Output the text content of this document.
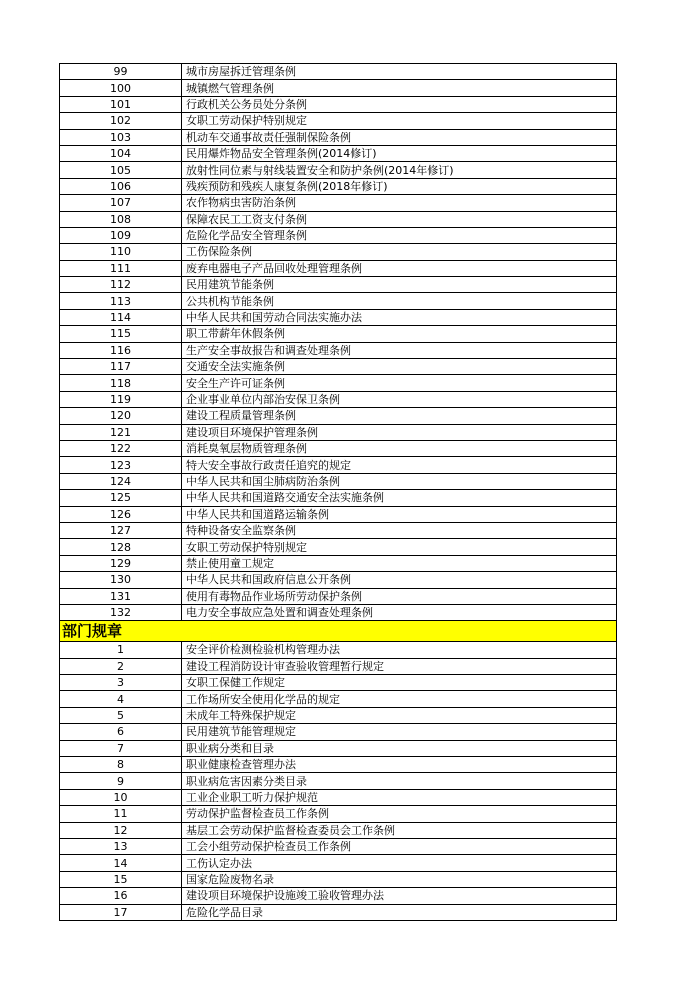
99	城市房屋拆迁管理条例
100	城镇燃气管理条例
101	行政机关公务员处分条例
102	女职工劳动保护特别规定
103	机动车交通事故责任强制保险条例
104	民用爆炸物品安全管理条例(2014修订)
105	放射性同位素与射线装置安全和防护条例(2014年修订)
106	残疾预防和残疾人康复条例(2018年修订)
107	农作物病虫害防治条例
108	保障农民工工资支付条例
109	危险化学品安全管理条例
110	工伤保险条例
111	废弃电器电子产品回收处理管理条例
112	民用建筑节能条例
113	公共机构节能条例
114	中华人民共和国劳动合同法实施办法
115	职工带薪年休假条例
116	生产安全事故报告和调查处理条例
117	交通安全法实施条例
118	安全生产许可证条例
119	企业事业单位内部治安保卫条例
120	建设工程质量管理条例
121	建设项目环境保护管理条例
122	消耗臭氧层物质管理条例
123	特大安全事故行政责任追究的规定
124	中华人民共和国尘肺病防治条例
125	中华人民共和国道路交通安全法实施条例
126	中华人民共和国道路运输条例
127	特种设备安全监察条例
128	女职工劳动保护特别规定
129	禁止使用童工规定
130	中华人民共和国政府信息公开条例
131	使用有毒物品作业场所劳动保护条例
132	电力安全事故应急处置和调查处理条例
部门规章	
1	安全评价检测检验机构管理办法
2	建设工程消防设计审查验收管理暂行规定
3	女职工保健工作规定
4	工作场所安全使用化学品的规定
5	未成年工特殊保护规定
6	民用建筑节能管理规定
7	职业病分类和目录
8	职业健康检查管理办法
9	职业病危害因素分类目录
10	工业企业职工听力保护规范
11	劳动保护监督检查员工作条例
12	基层工会劳动保护监督检查委员会工作条例
13	工会小组劳动保护检查员工作条例
14	工伤认定办法
15	国家危险废物名录
16	建设项目环境保护设施竣工验收管理办法
17	危险化学品目录
